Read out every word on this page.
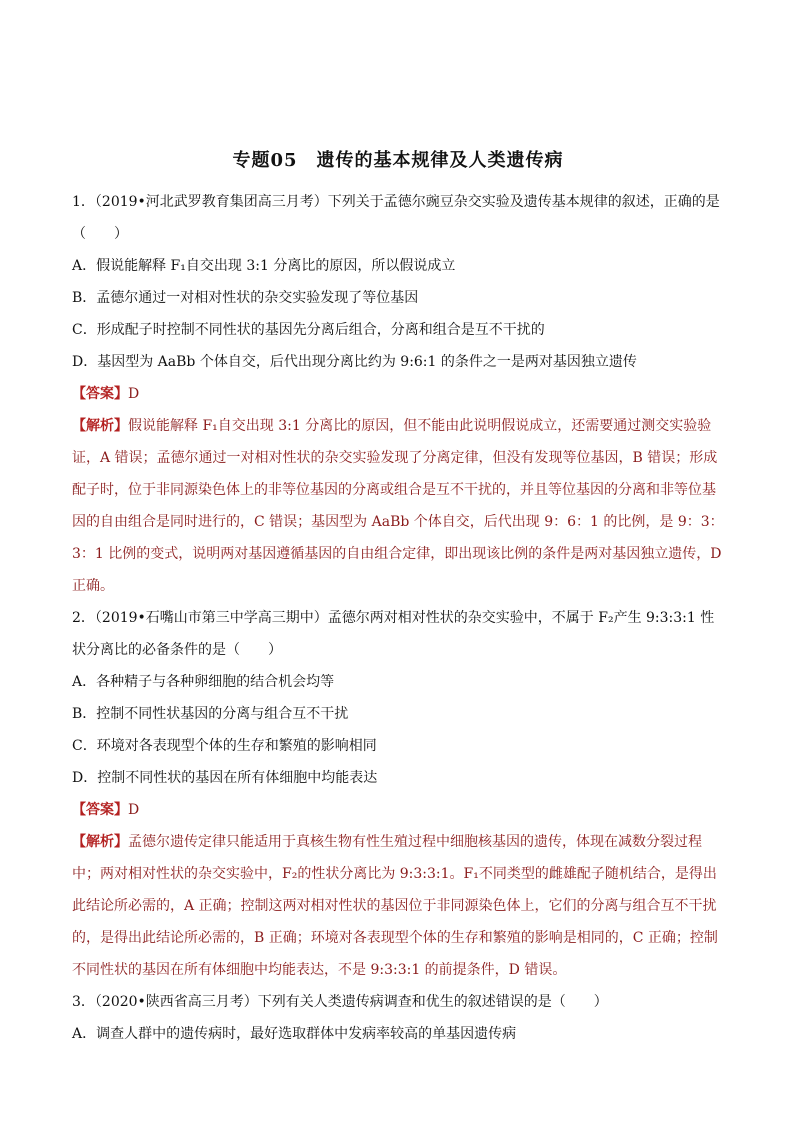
专题05　遗传的基本规律及人类遗传病
1．（2019•河北武罗教育集团高三月考）下列关于孟德尔豌豆杂交实验及遗传基本规律的叙述，正确的是
（　　）
A．假说能解释 F₁自交出现 3:1 分离比的原因，所以假说成立
B．孟德尔通过一对相对性状的杂交实验发现了等位基因
C．形成配子时控制不同性状的基因先分离后组合，分离和组合是互不干扰的
D．基因型为 AaBb 个体自交，后代出现分离比约为 9:6:1 的条件之一是两对基因独立遗传
【答案】D
【解析】假说能解释 F₁自交出现 3:1 分离比的原因，但不能由此说明假说成立，还需要通过测交实验验证，A 错误；孟德尔通过一对相对性状的杂交实验发现了分离定律，但没有发现等位基因，B 错误；形成配子时，位于非同源染色体上的非等位基因的分离或组合是互不干扰的，并且等位基因的分离和非等位基因的自由组合是同时进行的，C 错误；基因型为 AaBb 个体自交，后代出现 9：6：1 的比例，是 9：3：3：1 比例的变式，说明两对基因遵循基因的自由组合定律，即出现该比例的条件是两对基因独立遗传，D 正确。
2．（2019•石嘴山市第三中学高三期中）孟德尔两对相对性状的杂交实验中，不属于 F₂产生 9:3:3:1 性状分离比的必备条件的是（　　）
A．各种精子与各种卵细胞的结合机会均等
B．控制不同性状基因的分离与组合互不干扰
C．环境对各表现型个体的生存和繁殖的影响相同
D．控制不同性状的基因在所有体细胞中均能表达
【答案】D
【解析】孟德尔遗传定律只能适用于真核生物有性生殖过程中细胞核基因的遗传，体现在减数分裂过程中；两对相对性状的杂交实验中，F₂的性状分离比为 9:3:3:1。F₁不同类型的雌雄配子随机结合，是得出此结论所必需的，A 正确；控制这两对相对性状的基因位于非同源染色体上，它们的分离与组合互不干扰的，是得出此结论所必需的，B 正确；环境对各表现型个体的生存和繁殖的影响是相同的，C 正确；控制不同性状的基因在所有体细胞中均能表达，不是 9:3:3:1 的前提条件，D 错误。
3．（2020•陕西省高三月考）下列有关人类遗传病调查和优生的叙述错误的是（　　）
A．调查人群中的遗传病时，最好选取群体中发病率较高的单基因遗传病
